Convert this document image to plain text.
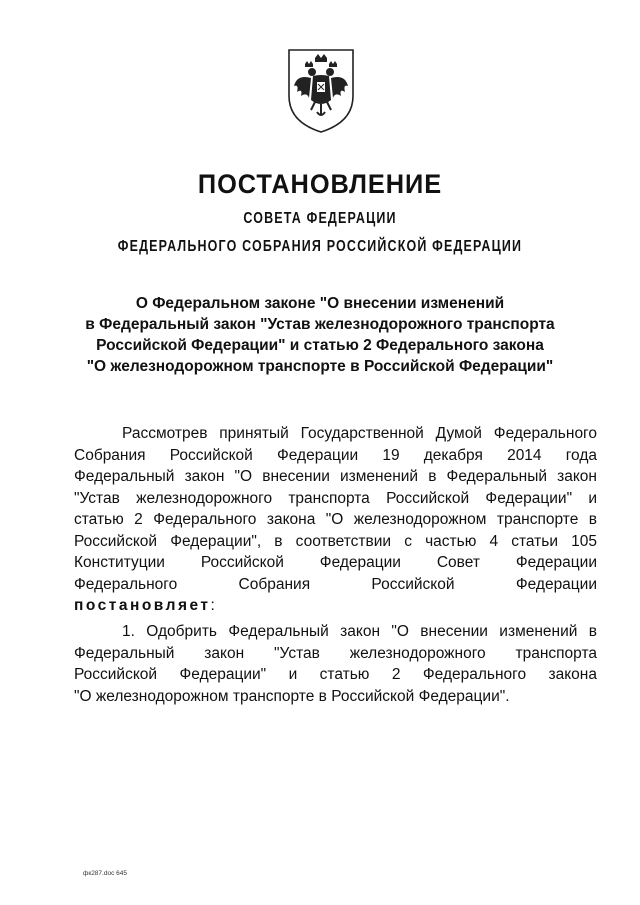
ПОСТАНОВЛЕНИЕ
СОВЕТА ФЕДЕРАЦИИ
ФЕДЕРАЛЬНОГО СОБРАНИЯ РОССИЙСКОЙ ФЕДЕРАЦИИ
О Федеральном законе "О внесении изменений
в Федеральный закон "Устав железнодорожного транспорта
Российской Федерации" и статью 2 Федерального закона
"О железнодорожном транспорте в Российской Федерации"
Рассмотрев принятый Государственной Думой Федерального
Собрания Российской Федерации 19 декабря 2014 года
Федеральный закон "О внесении изменений в Федеральный закон
"Устав железнодорожного транспорта Российской Федерации" и
статью 2 Федерального закона "О железнодорожном транспорте в
Российской Федерации", в соответствии с частью 4 статьи 105
Конституции Российской Федерации Совет Федерации
Федерального Собрания Российской Федерации
постановляет:
1. Одобрить Федеральный закон "О внесении изменений в
Федеральный закон "Устав железнодорожного транспорта
Российской Федерации" и статью 2 Федерального закона
"О железнодорожном транспорте в Российской Федерации".
фк287.doc 645
